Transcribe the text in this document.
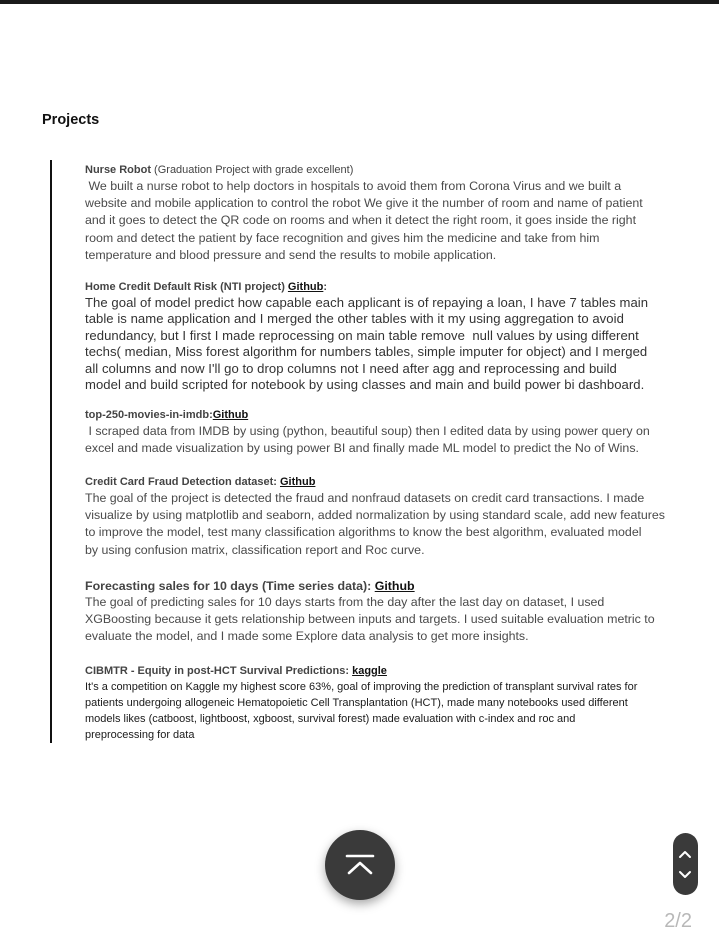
Projects
Nurse Robot (Graduation Project with grade excellent)

We built a nurse robot to help doctors in hospitals to avoid them from Corona Virus and we built a
website and mobile application to control the robot We give it the number of room and name of patient
and it goes to detect the QR code on rooms and when it detect the right room, it goes inside the right
room and detect the patient by face recognition and gives him the medicine and take from him
temperature and blood pressure and send the results to mobile application.

Home Credit Default Risk (NTI project) Github:

The goal of model predict how capable each applicant is of repaying a loan, I have 7 tables main
table is name application and I merged the other tables with it my using aggregation to avoid
redundancy, but I first I made reprocessing on main table remove  null values by using different
techs( median, Miss forest algorithm for numbers tables, simple imputer for object) and I merged
all columns and now I'll go to drop columns not I need after agg and reprocessing and build
model and build scripted for notebook by using classes and main and build power bi dashboard.

top-250-movies-in-imdb:Github

I scraped data from IMDB by using (python, beautiful soup) then I edited data by using power query on
excel and made visualization by using power BI and finally made ML model to predict the No of Wins.

Credit Card Fraud Detection dataset: Github

The goal of the project is detected the fraud and nonfraud datasets on credit card transactions. I made
visualize by using matplotlib and seaborn, added normalization by using standard scale, add new features
to improve the model, test many classification algorithms to know the best algorithm, evaluated model
by using confusion matrix, classification report and Roc curve.

Forecasting sales for 10 days (Time series data): Github

The goal of predicting sales for 10 days starts from the day after the last day on dataset, I used
XGBoosting because it gets relationship between inputs and targets. I used suitable evaluation metric to
evaluate the model, and I made some Explore data analysis to get more insights.

CIBMTR - Equity in post-HCT Survival Predictions: kaggle

It's a competition on Kaggle my highest score 63%, goal of improving the prediction of transplant survival rates for
patients undergoing allogeneic Hematopoietic Cell Transplantation (HCT), made many notebooks used different
models likes (catboost, lightboost, xgboost, survival forest) made evaluation with c-index and roc and
preprocessing for data

2/2
